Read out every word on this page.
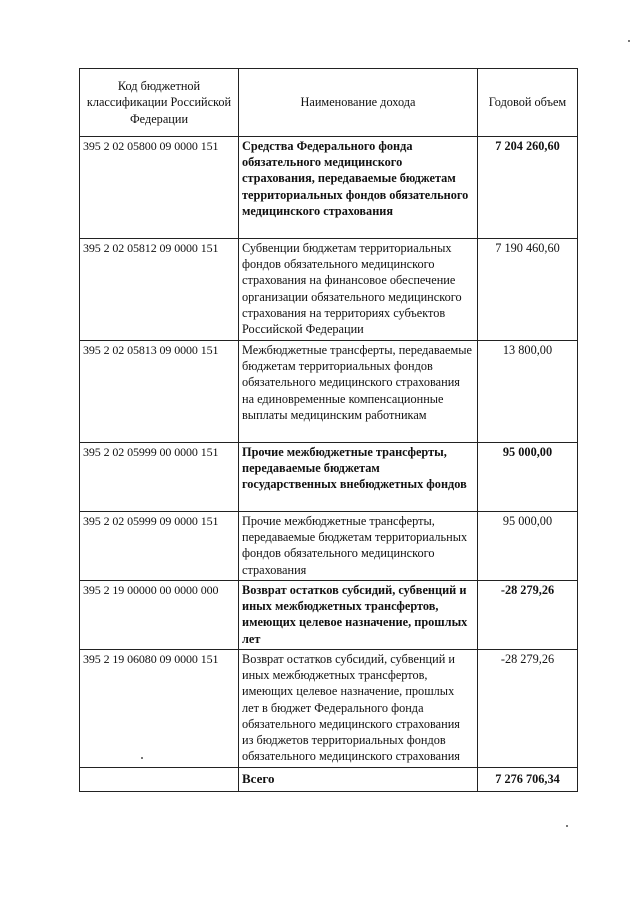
Код бюджетной классификации Российской Федерации	Наименование дохода	Годовой объем
395 2 02 05800 09 0000 151	Средства Федерального фонда обязательного медицинского страхования, передаваемые бюджетам территориальных фондов обязательного медицинского страхования	7 204 260,60
395 2 02 05812 09 0000 151	Субвенции бюджетам территориальных фондов обязательного медицинского страхования на финансовое обеспечение организации обязательного медицинского страхования на территориях субъектов Российской Федерации	7 190 460,60
395 2 02 05813 09 0000 151	Межбюджетные трансферты, передаваемые бюджетам территориальных фондов обязательного медицинского страхования на единовременные компенсационные выплаты медицинским работникам	13 800,00
395 2 02 05999 00 0000 151	Прочие межбюджетные трансферты, передаваемые бюджетам государственных внебюджетных фондов	95 000,00
395 2 02 05999 09 0000 151	Прочие межбюджетные трансферты, передаваемые бюджетам территориальных фондов обязательного медицинского страхования	95 000,00
395 2 19 00000 00 0000 000	Возврат остатков субсидий, субвенций и иных межбюджетных трансфертов, имеющих целевое назначение, прошлых лет	-28 279,26
395 2 19 06080 09 0000 151	Возврат остатков субсидий, субвенций и иных межбюджетных трансфертов, имеющих целевое назначение, прошлых лет в бюджет Федерального фонда обязательного медицинского страхования из бюджетов территориальных фондов обязательного медицинского страхования	-28 279,26
	Всего	7 276 706,34
